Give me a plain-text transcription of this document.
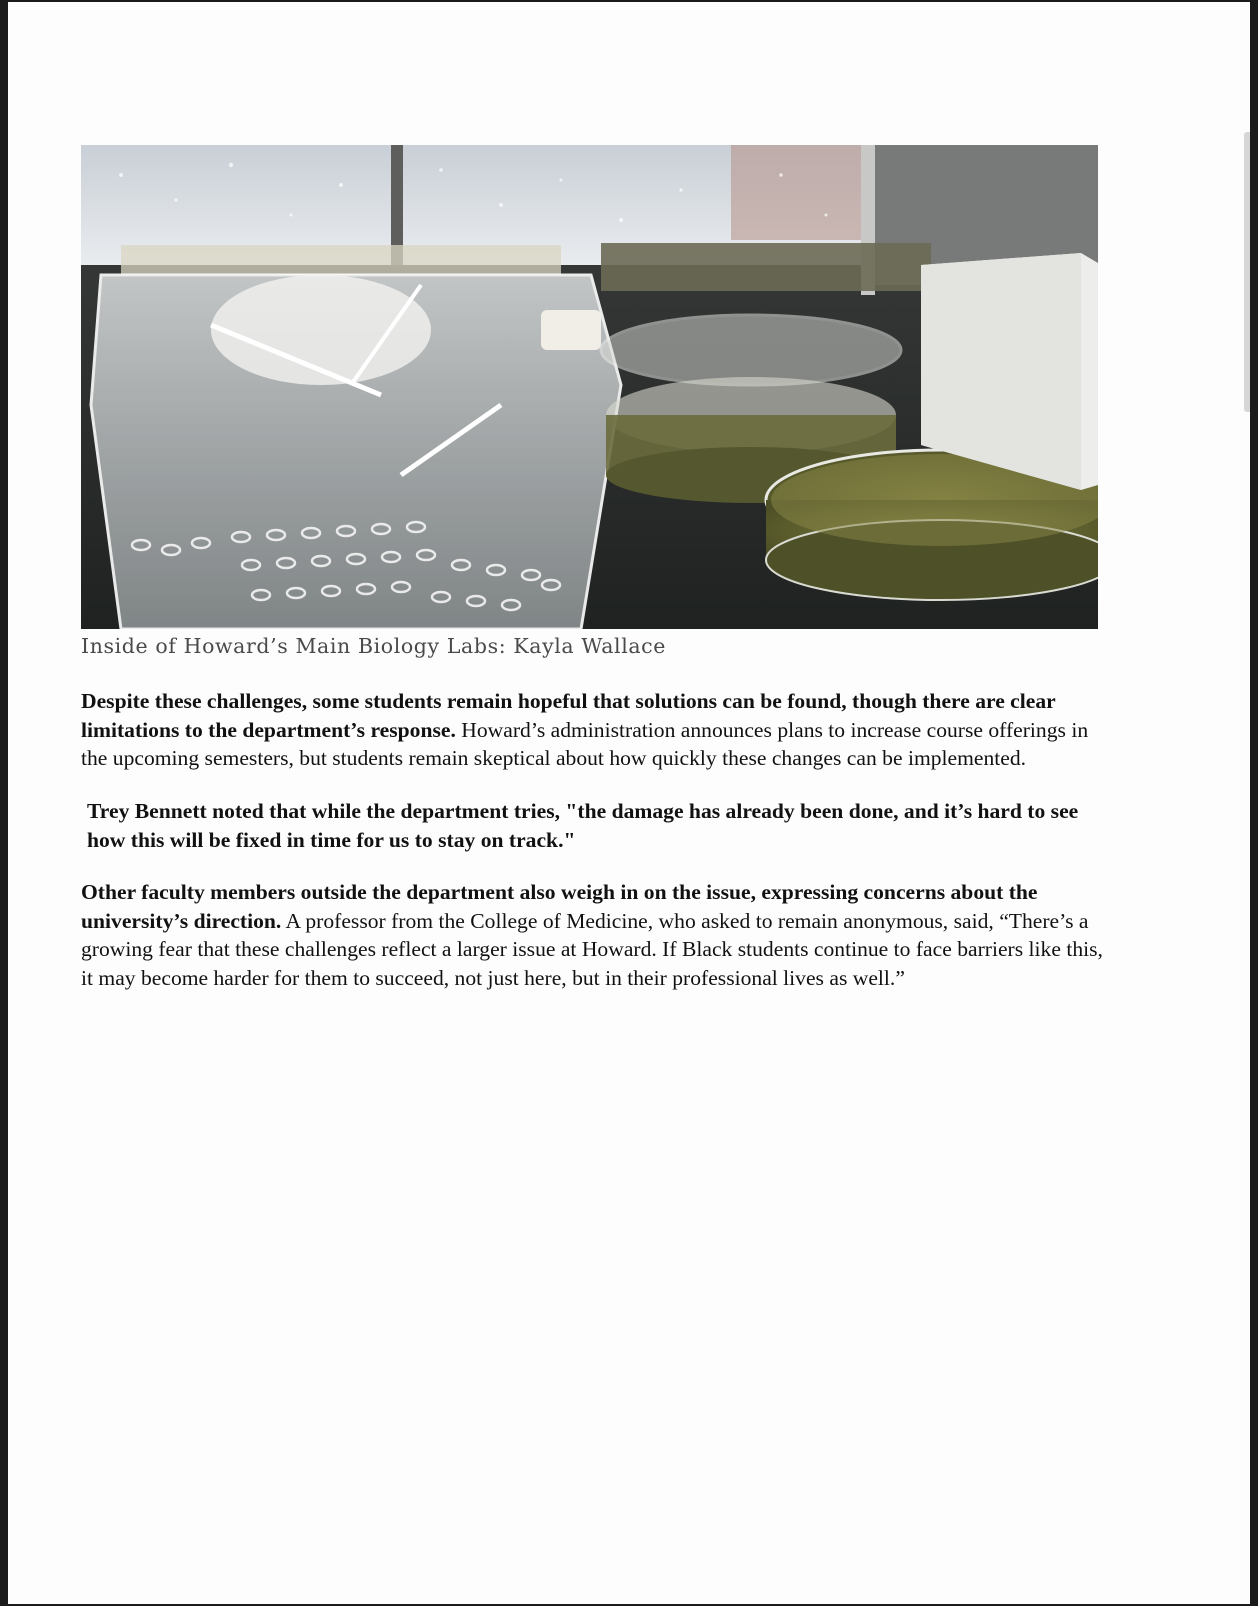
Inside of Howard’s Main Biology Labs: Kayla Wallace

Despite these challenges, some students remain hopeful that solutions can be found, though there are clear limitations to the department’s response. Howard’s administration announces plans to increase course offerings in the upcoming semesters, but students remain skeptical about how quickly these changes can be implemented.

Trey Bennett noted that while the department tries, "the damage has already been done, and it’s hard to see how this will be fixed in time for us to stay on track."

Other faculty members outside the department also weigh in on the issue, expressing concerns about the university’s direction. A professor from the College of Medicine, who asked to remain anonymous, said, “There’s a growing fear that these challenges reflect a larger issue at Howard. If Black students continue to face barriers like this, it may become harder for them to succeed, not just here, but in their professional lives as well.”
